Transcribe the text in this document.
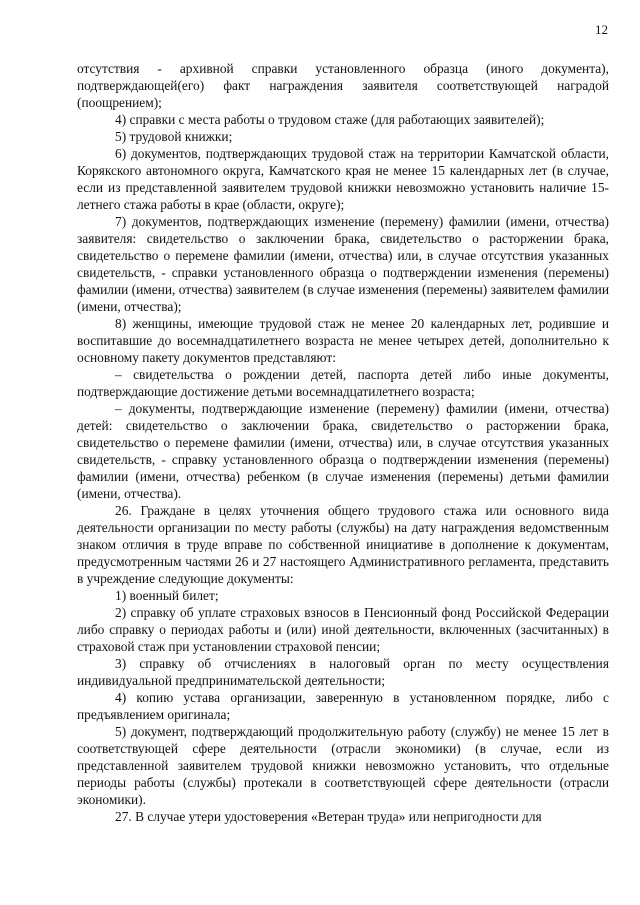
12

отсутствия - архивной справки установленного образца (иного документа), подтверждающей(его) факт награждения заявителя соответствующей наградой (поощрением);

4) справки с места работы о трудовом стаже (для работающих заявителей);

5) трудовой книжки;

6) документов, подтверждающих трудовой стаж на территории Камчатской области, Корякского автономного округа, Камчатского края не менее 15 календарных лет (в случае, если из представленной заявителем трудовой книжки невозможно установить наличие 15-летнего стажа работы в крае (области, округе);

7) документов, подтверждающих изменение (перемену) фамилии (имени, отчества) заявителя: свидетельство о заключении брака, свидетельство о расторжении брака, свидетельство о перемене фамилии (имени, отчества) или, в случае отсутствия указанных свидетельств, - справки установленного образца о подтверждении изменения (перемены) фамилии (имени, отчества) заявителем (в случае изменения (перемены) заявителем фамилии (имени, отчества);

8) женщины, имеющие трудовой стаж не менее 20 календарных лет, родившие и воспитавшие до восемнадцатилетнего возраста не менее четырех детей, дополнительно к основному пакету документов представляют:

– свидетельства о рождении детей, паспорта детей либо иные документы, подтверждающие достижение детьми восемнадцатилетнего возраста;

– документы, подтверждающие изменение (перемену) фамилии (имени, отчества) детей: свидетельство о заключении брака, свидетельство о расторжении брака, свидетельство о перемене фамилии (имени, отчества) или, в случае отсутствия указанных свидетельств, - справку установленного образца о подтверждении изменения (перемены) фамилии (имени, отчества) ребенком (в случае изменения (перемены) детьми фамилии (имени, отчества).

26. Граждане в целях уточнения общего трудового стажа или основного вида деятельности организации по месту работы (службы) на дату награждения ведомственным знаком отличия в труде вправе по собственной инициативе в дополнение к документам, предусмотренным частями 26 и 27 настоящего Административного регламента, представить в учреждение следующие документы:

1) военный билет;

2) справку об уплате страховых взносов в Пенсионный фонд Российской Федерации либо справку о периодах работы и (или) иной деятельности, включенных (засчитанных) в страховой стаж при установлении страховой пенсии;

3) справку об отчислениях в налоговый орган по месту осуществления индивидуальной предпринимательской деятельности;

4) копию устава организации, заверенную в установленном порядке, либо с предъявлением оригинала;

5) документ, подтверждающий продолжительную работу (службу) не менее 15 лет в соответствующей сфере деятельности (отрасли экономики) (в случае, если из представленной заявителем трудовой книжки невозможно установить, что отдельные периоды работы (службы) протекали в соответствующей сфере деятельности (отрасли экономики).

27. В случае утери удостоверения «Ветеран труда» или непригодности для
